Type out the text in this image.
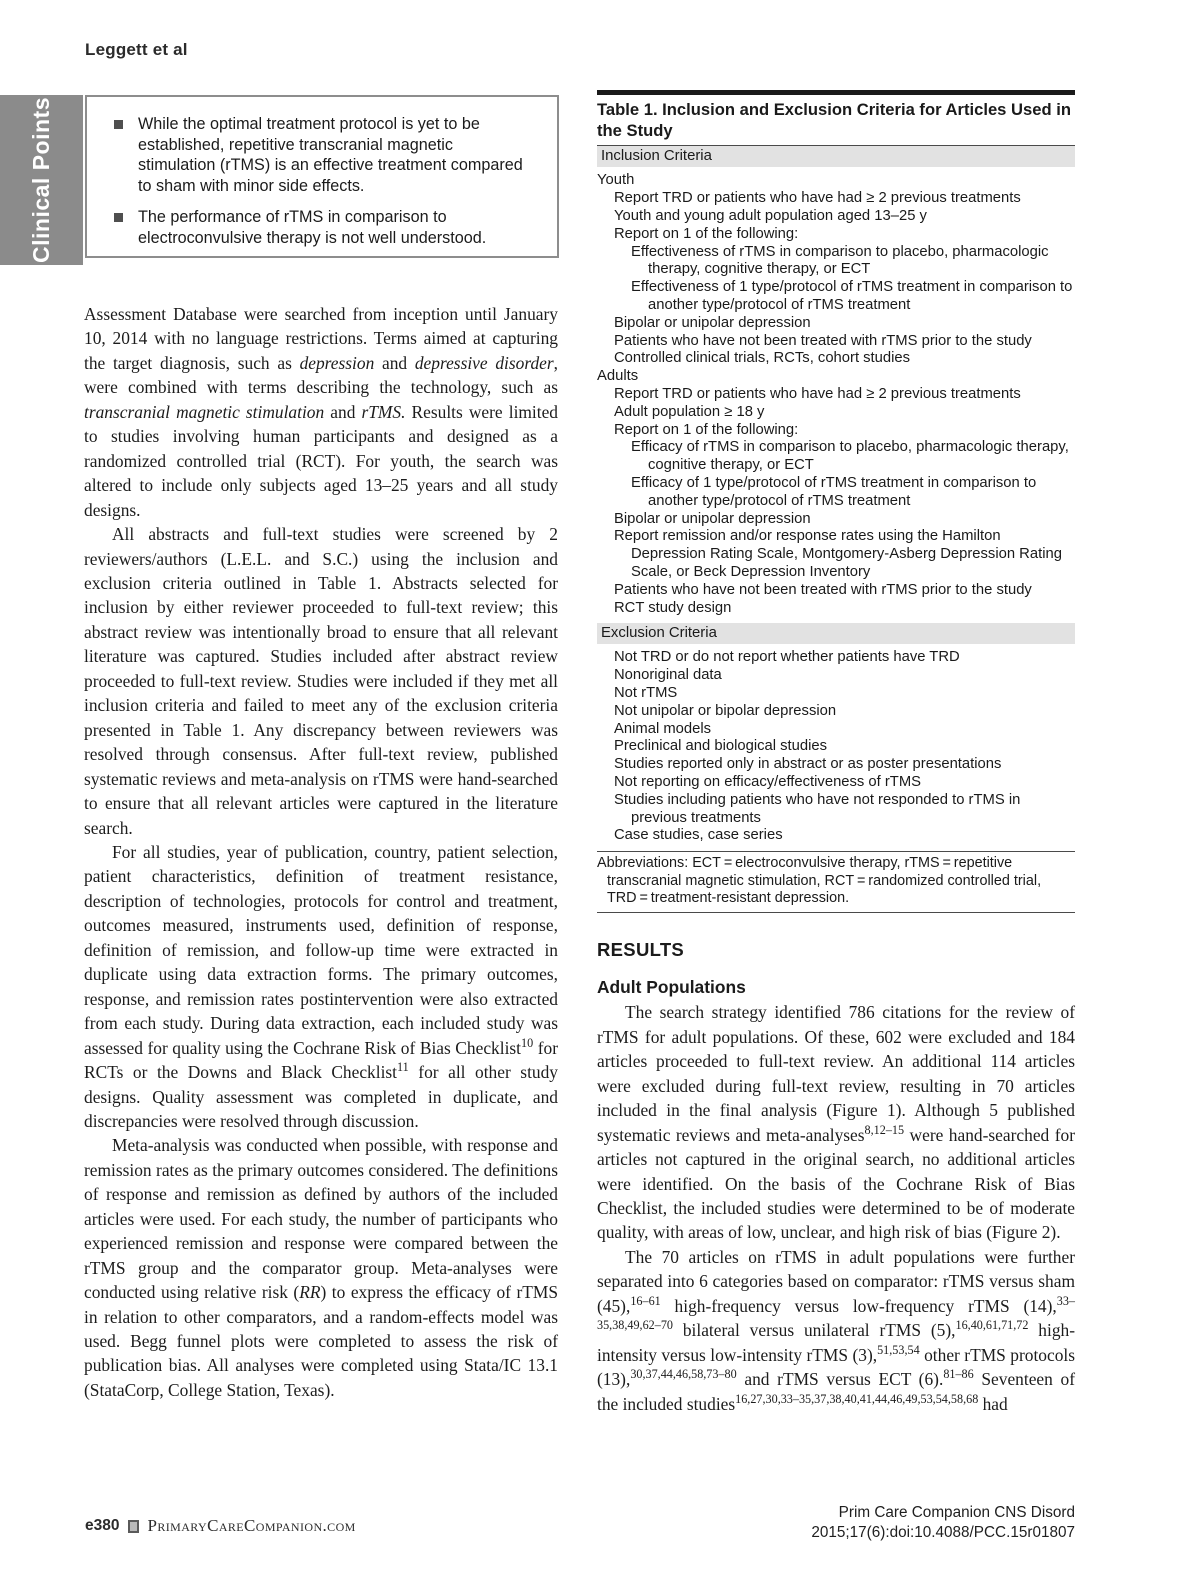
Leggett et al
Clinical Points	While the optimal treatment protocol is yet to be established, repetitive transcranial magnetic stimulation (rTMS) is an effective treatment compared to sham with minor side effects.
The performance of rTMS in comparison to electroconvulsive therapy is not well understood.

Assessment Database were searched from inception until January 10, 2014 with no language restrictions. Terms aimed at capturing the target diagnosis, such as depression and depressive disorder, were combined with terms describing the technology, such as transcranial magnetic stimulation and rTMS. Results were limited to studies involving human participants and designed as a randomized controlled trial (RCT). For youth, the search was altered to include only subjects aged 13–25 years and all study designs.

All abstracts and full-text studies were screened by 2 reviewers/authors (L.E.L. and S.C.) using the inclusion and exclusion criteria outlined in Table 1. Abstracts selected for inclusion by either reviewer proceeded to full-text review; this abstract review was intentionally broad to ensure that all relevant literature was captured. Studies included after abstract review proceeded to full-text review. Studies were included if they met all inclusion criteria and failed to meet any of the exclusion criteria presented in Table 1. Any discrepancy between reviewers was resolved through consensus. After full-text review, published systematic reviews and meta-analysis on rTMS were hand-searched to ensure that all relevant articles were captured in the literature search.

For all studies, year of publication, country, patient selection, patient characteristics, definition of treatment resistance, description of technologies, protocols for control and treatment, outcomes measured, instruments used, definition of response, definition of remission, and follow-up time were extracted in duplicate using data extraction forms. The primary outcomes, response, and remission rates postintervention were also extracted from each study. During data extraction, each included study was assessed for quality using the Cochrane Risk of Bias Checklist$^{10}$ for RCTs or the Downs and Black Checklist$^{11}$ for all other study designs. Quality assessment was completed in duplicate, and discrepancies were resolved through discussion.

Meta-analysis was conducted when possible, with response and remission rates as the primary outcomes considered. The definitions of response and remission as defined by authors of the included articles were used. For each study, the number of participants who experienced remission and response were compared between the rTMS group and the comparator group. Meta-analyses were conducted using relative risk (RR) to express the efficacy of rTMS in relation to other comparators, and a random-effects model was used. Begg funnel plots were completed to assess the risk of publication bias. All analyses were completed using Stata/IC 13.1 (StataCorp, College Station, Texas).

Table 1. Inclusion and Exclusion Criteria for Articles Used in the Study
Inclusion Criteria
Youth
Report TRD or patients who have had ≥ 2 previous treatments
Youth and young adult population aged 13–25 y
Report on 1 of the following:
Effectiveness of rTMS in comparison to placebo, pharmacologic therapy, cognitive therapy, or ECT
Effectiveness of 1 type/protocol of rTMS treatment in comparison to another type/protocol of rTMS treatment
Bipolar or unipolar depression
Patients who have not been treated with rTMS prior to the study
Controlled clinical trials, RCTs, cohort studies
Adults
Report TRD or patients who have had ≥ 2 previous treatments
Adult population ≥ 18 y
Report on 1 of the following:
Efficacy of rTMS in comparison to placebo, pharmacologic therapy, cognitive therapy, or ECT
Efficacy of 1 type/protocol of rTMS treatment in comparison to another type/protocol of rTMS treatment
Bipolar or unipolar depression
Report remission and/or response rates using the Hamilton Depression Rating Scale, Montgomery-Asberg Depression Rating Scale, or Beck Depression Inventory
Patients who have not been treated with rTMS prior to the study
RCT study design
Exclusion Criteria
Not TRD or do not report whether patients have TRD
Nonoriginal data
Not rTMS
Not unipolar or bipolar depression
Animal models
Preclinical and biological studies
Studies reported only in abstract or as poster presentations
Not reporting on efficacy/effectiveness of rTMS
Studies including patients who have not responded to rTMS in previous treatments
Case studies, case series
Abbreviations: ECT = electroconvulsive therapy, rTMS = repetitive transcranial magnetic stimulation, RCT = randomized controlled trial, TRD = treatment-resistant depression.
RESULTS
Adult Populations

The search strategy identified 786 citations for the review of rTMS for adult populations. Of these, 602 were excluded and 184 articles proceeded to full-text review. An additional 114 articles were excluded during full-text review, resulting in 70 articles included in the final analysis (Figure 1). Although 5 published systematic reviews and meta-analyses$^{8,12-15}$ were hand-searched for articles not captured in the original search, no additional articles were identified. On the basis of the Cochrane Risk of Bias Checklist, the included studies were determined to be of moderate quality, with areas of low, unclear, and high risk of bias (Figure 2).

The 70 articles on rTMS in adult populations were further separated into 6 categories based on comparator: rTMS versus sham (45),$^{16-61}$ high-frequency versus low-frequency rTMS (14),$^{33-35,38,49,62-70}$ bilateral versus unilateral rTMS (5),$^{16,40,61,71,72}$ high-intensity versus low-intensity rTMS (3),$^{51,53,54}$ other rTMS protocols (13),$^{30,37,44,46,58,73-80}$ and rTMS versus ECT (6).$^{81-86}$ Seventeen of the included studies$^{16,27,30,33-35,37,38,40,41,44,46,49,53,54,58,68}$ had

e380 PrimaryCareCompanion.com
Prim Care Companion CNS Disord
2015;17(6):doi:10.4088/PCC.15r01807
